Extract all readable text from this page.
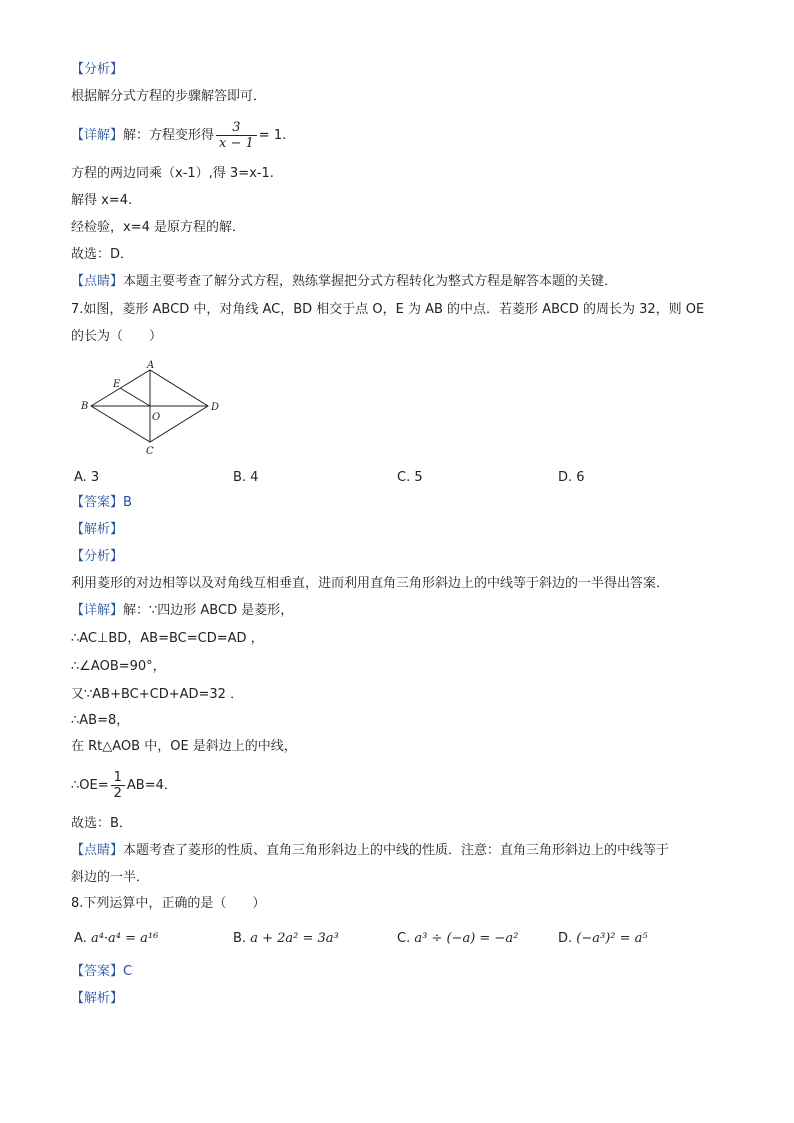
【分析】
根据解分式方程的步骤解答即可．
【详解】解：方程变形得 $\frac{3}{x - 1} = 1$.
方程的两边同乘（x-1）,得 3=x-1.
解得 x=4.
经检验，x=4 是原方程的解．
故选：D．
【点睛】本题主要考查了解分式方程，熟练掌握把分式方程转化为整式方程是解答本题的关键．
7.如图，菱形 ABCD 中，对角线 AC，BD 相交于点 O，E 为 AB 的中点．若菱形 ABCD 的周长为 32，则 OE
的长为（　　）
A
B
C
D
E
O
A. 3	B. 4	C. 5	D. 6
【答案】B
【解析】
【分析】
利用菱形的对边相等以及对角线互相垂直，进而利用直角三角形斜边上的中线等于斜边的一半得出答案．
【详解】解：∵四边形 ABCD 是菱形，
∴AC⊥BD，AB=BC=CD=AD ，
∴∠AOB=90°，
又∵AB+BC+CD+AD=32 ．
∴AB=8，
在 Rt△AOB 中，OE 是斜边上的中线，
∴OE= $\frac{1}{2} AB=4$．
故选：B．
【点睛】本题考查了菱形的性质、直角三角形斜边上的中线的性质．注意：直角三角形斜边上的中线等于
斜边的一半．
8.下列运算中，正确的是（　　）
A. a⁴·a⁴ = a¹⁶	B. a + 2a² = 3a³	C. a³ ÷ (−a) = −a²	D. (−a³)² = a⁵
【答案】C
【解析】
